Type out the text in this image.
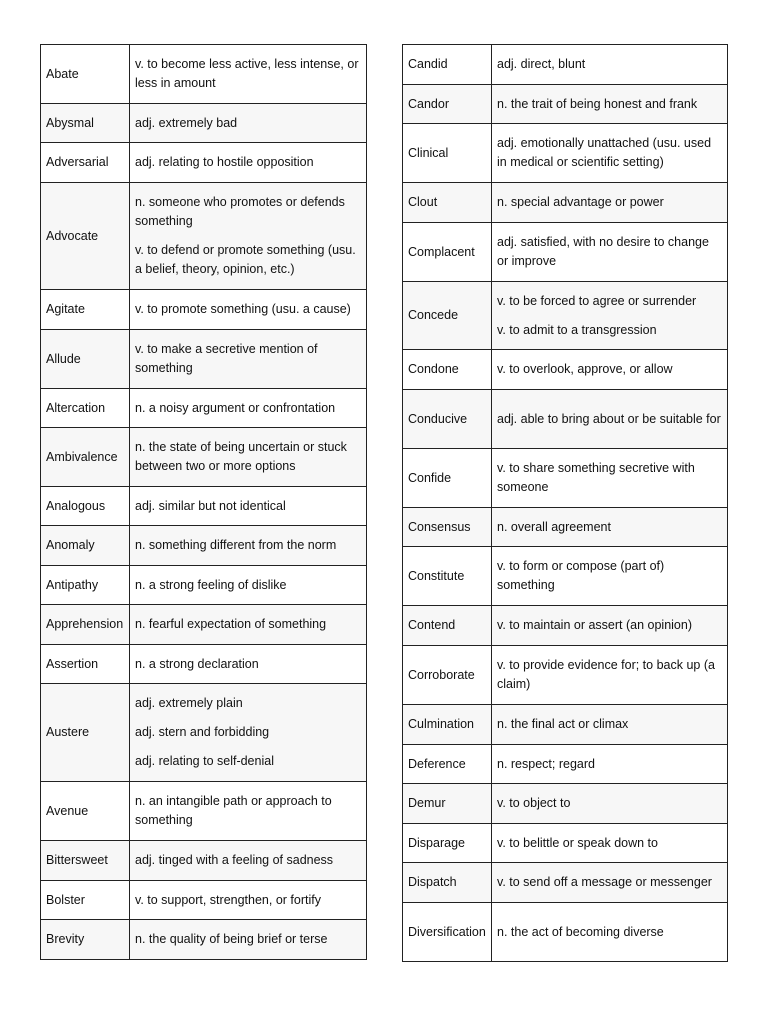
Abate	v. to become less active, less intense, or less in amount

Abysmal	adj. extremely bad

Adversarial	adj. relating to hostile opposition

Advocate	n. someone who promotes or defends something
v. to defend or promote something (usu. a belief, theory, opinion, etc.)

Agitate	v. to promote something (usu. a cause)

Allude	v. to make a secretive mention of something

Altercation	n. a noisy argument or confrontation

Ambivalence	n. the state of being uncertain or stuck between two or more options

Analogous	adj. similar but not identical

Anomaly	n. something different from the norm

Antipathy	n. a strong feeling of dislike

Apprehension	n. fearful expectation of something

Assertion	n. a strong declaration

Austere	adj. extremely plain
adj. stern and forbidding
adj. relating to self-denial

Avenue	n. an intangible path or approach to something

Bittersweet	adj. tinged with a feeling of sadness

Bolster	v. to support, strengthen, or fortify

Brevity	n. the quality of being brief or terse
Candid	adj. direct, blunt

Candor	n. the trait of being honest and frank

Clinical	adj. emotionally unattached (usu. used in medical or scientific setting)

Clout	n. special advantage or power

Complacent	adj. satisfied, with no desire to change or improve

Concede	v. to be forced to agree or surrender
v. to admit to a transgression

Condone	v. to overlook, approve, or allow

Conducive	adj. able to bring about or be suitable for

Confide	v. to share something secretive with someone

Consensus	n. overall agreement

Constitute	v. to form or compose (part of) something

Contend	v. to maintain or assert (an opinion)

Corroborate	v. to provide evidence for; to back up (a claim)

Culmination	n. the final act or climax

Deference	n. respect; regard

Demur	v. to object to

Disparage	v. to belittle or speak down to

Dispatch	v. to send off a message or messenger

Diversification	n. the act of becoming diverse
